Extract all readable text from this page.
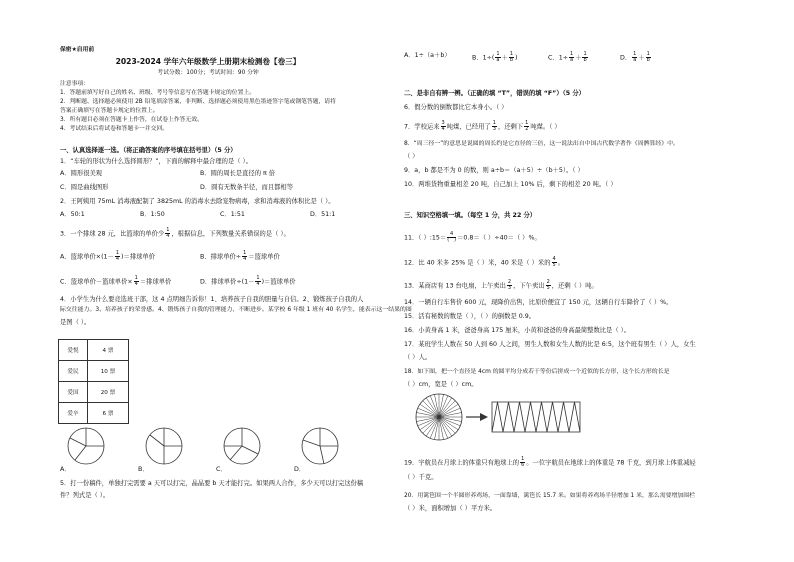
保密★启用前
2023-2024 学年六年级数学上册期末检测卷【卷三】
考试分数：100分；考试时间：90 分钟
注意事项：
1．答题前填写好自己的姓名、班级、考号等信息写在答题卡规定的位置上。
2．判断题、选择题必须使用 2B 铅笔填涂答案，非判断、选择题必须使用黑色墨迹签字笔或钢笔答题，请将
答案正确填写在答题卡规定的位置上。
3．所有题目必须在答题卡上作答，在试卷上作答无效。
4．考试结束后将试卷和答题卡一并交回。
一、认真选择逐一选。（将正确答案的序号填在括号里）（5 分）
1．“车轮的形状为什么选择圆形？”，下面的解释中最合理的是（ ）。
A．圆形很美观	B．圆的周长是直径的 π 倍
C．圆是曲线图形	D．圆有无数条半径，而且都相等
2．王阿姨用 75mL 消毒液配制了 3825mL 的消毒水去除宠物病毒，求和消毒液的体积比是（ ）。
A．50:1	B．1:50	C．1:51	D．51:1
3．一个排球 28 元，比篮球的单价少 $\frac{1}{4}$ ，根据信息，下列数量关系错误的是（ ）。
A．篮球单价$\times(1- \frac{1}{4}$ )＝排球单价	B．排球单价÷ $\frac{1}{4}$ ＝篮球单价
C．篮球单价－篮球单价× $\frac{1}{4}$ ＝排球单价	D．排球单价$\div(1- \frac{1}{4}$ )＝篮球单价
4．小学生为什么要竞选班干部，这 4 点明细告诉你！1、培养孩子自我的胆量与自信。2、锻炼孩子自我的人
际交往能力。3、培养孩子的荣誉感。4、锻炼孩子自我的管理能力，不断进步。某学校 6 年级 1 班有 40 名学生，能表示这一结果的图
是图（ ）。
爱悦	4 票
爱民	10 票
爱国	20 票
爱卒	6 票
A．	B．	C．	D．
5．打一份稿件，单独打完需要 a 天可以打完，晶晶要 b 天才能打完。如果两人合作，多少天可以打完这份稿
件？列式是（ ）。
A．1÷（a＋b）	B．$1\div( \frac{1}{a} + \frac{1}{b}$ )	C．$1\div \frac{1}{a} + \frac{1}{b}$	D． $\frac{1}{a} + \frac{1}{b}$
二、是非自有辨一辨。（正确的填 “T”，错误的填 “F”）（5 分）
6．假分数的倒数都比它本身小。（ ）
7．学校运来 $\frac{3}{4}$ 吨煤，已经用了 $\frac{1}{3}$ ，还剩下 $\frac{1}{2}$ 吨煤。（ ）
8．“周三径一”的意思是说圆的周长约是它直径的三倍，这一说法出自中国古代数学著作《周髀算经》中。
（ ）
9．a，b 都是不为 0 的数，则 a÷b＝（a＋5）÷（b＋5）。（ ）
10．两堆货物重量相差 20 吨，自己加上 10% 后，剩下的相差 20 吨。（ ）
三、知识空格填一填。（每空 1 分，共 22 分）
11．（ ）:15＝ $\frac{4}{( )} =0.8=$（ ）÷40＝（ ）%。
12．比 40 米多 25% 是（ ）米，40 米是（ ）米的 $\frac{4}{5}$ 。
13．某商店有 13 台电扇，上午卖出 $\frac{2}{3}$ ，下午卖出 $\frac{2}{5}$ ，还剩（ ）吨。
14．一辆自行车售价 600 元，现降价出售，比原价便宜了 150 元，这辆自行车降价了（ ）%。
15．活有秘数的数是（ ），（ ）的倒数是 0.9。
16．小黄身高 1 米，爸爸身高 175 厘米，小黄和爸爸的身高最简整数比是（ ）。
17．某班学生人数在 50 人到 60 人之间，男生人数和女生人数的比是 6:5，这个班有男生（ ）人，女生
（ ）人。
18．如下图，把一个直径是 4cm 的圆平均分成若干等份后拼成一个近似的长方形，这个长方形的长是
（ ）cm，宽是（ ）cm。
19．宇航员在月球上的体重只有地球上的 $\frac{1}{6}$ 。一位宇航员在地球上的体重是 78 千克，到月球上体重减轻
（ ）千克。
20．用篱笆围一个半圆形养鸡场，一面靠墙，篱笆长 15.7 米。如果将养鸡场半径增加 1 米，那么需要增加围栏
（ ）米，面积增加（ ）平方米。
